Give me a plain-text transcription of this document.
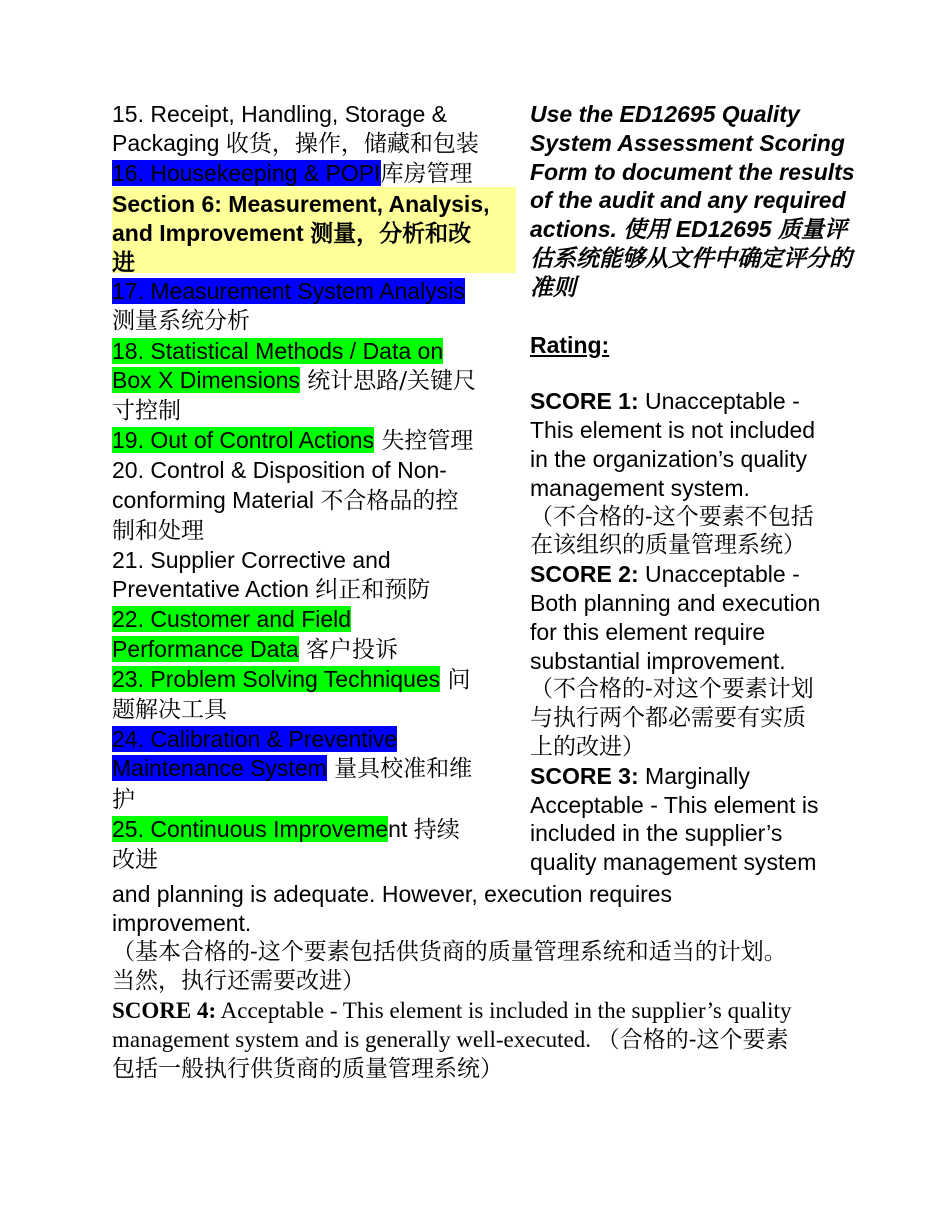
15. Receipt, Handling, Storage &
Packaging 收货，操作，储藏和包装
16. Housekeeping & POPI库房管理
Section 6: Measurement, Analysis,
and Improvement 测量，分析和改
进
17. Measurement System Analysis
测量系统分析
18. Statistical Methods / Data on
Box X Dimensions 统计思路/关键尺
寸控制
19. Out of Control Actions 失控管理
20. Control & Disposition of Non-
conforming Material 不合格品的控
制和处理
21. Supplier Corrective and
Preventative Action 纠正和预防
22. Customer and Field
Performance Data 客户投诉
23. Problem Solving Techniques 问
题解决工具
24. Calibration & Preventive
Maintenance System 量具校准和维
护
25. Continuous Improvement 持续
改进
Use the ED12695 Quality
System Assessment Scoring
Form to document the results
of the audit and any required
actions. 使用 ED12695 质量评
估系统能够从文件中确定评分的
准则
Rating:
SCORE 1: Unacceptable -
This element is not included
in the organization’s quality
management system.
（不合格的-这个要素不包括
在该组织的质量管理系统）
SCORE 2: Unacceptable -
Both planning and execution
for this element require
substantial improvement.
（不合格的-对这个要素计划
与执行两个都必需要有实质
上的改进）
SCORE 3: Marginally
Acceptable - This element is
included in the supplier’s
quality management system
and planning is adequate. However, execution requires
improvement.
（基本合格的-这个要素包括供货商的质量管理系统和适当的计划。
当然，执行还需要改进）
SCORE 4: Acceptable - This element is included in the supplier’s quality
management system and is generally well-executed. （合格的-这个要素
包括一般执行供货商的质量管理系统）
